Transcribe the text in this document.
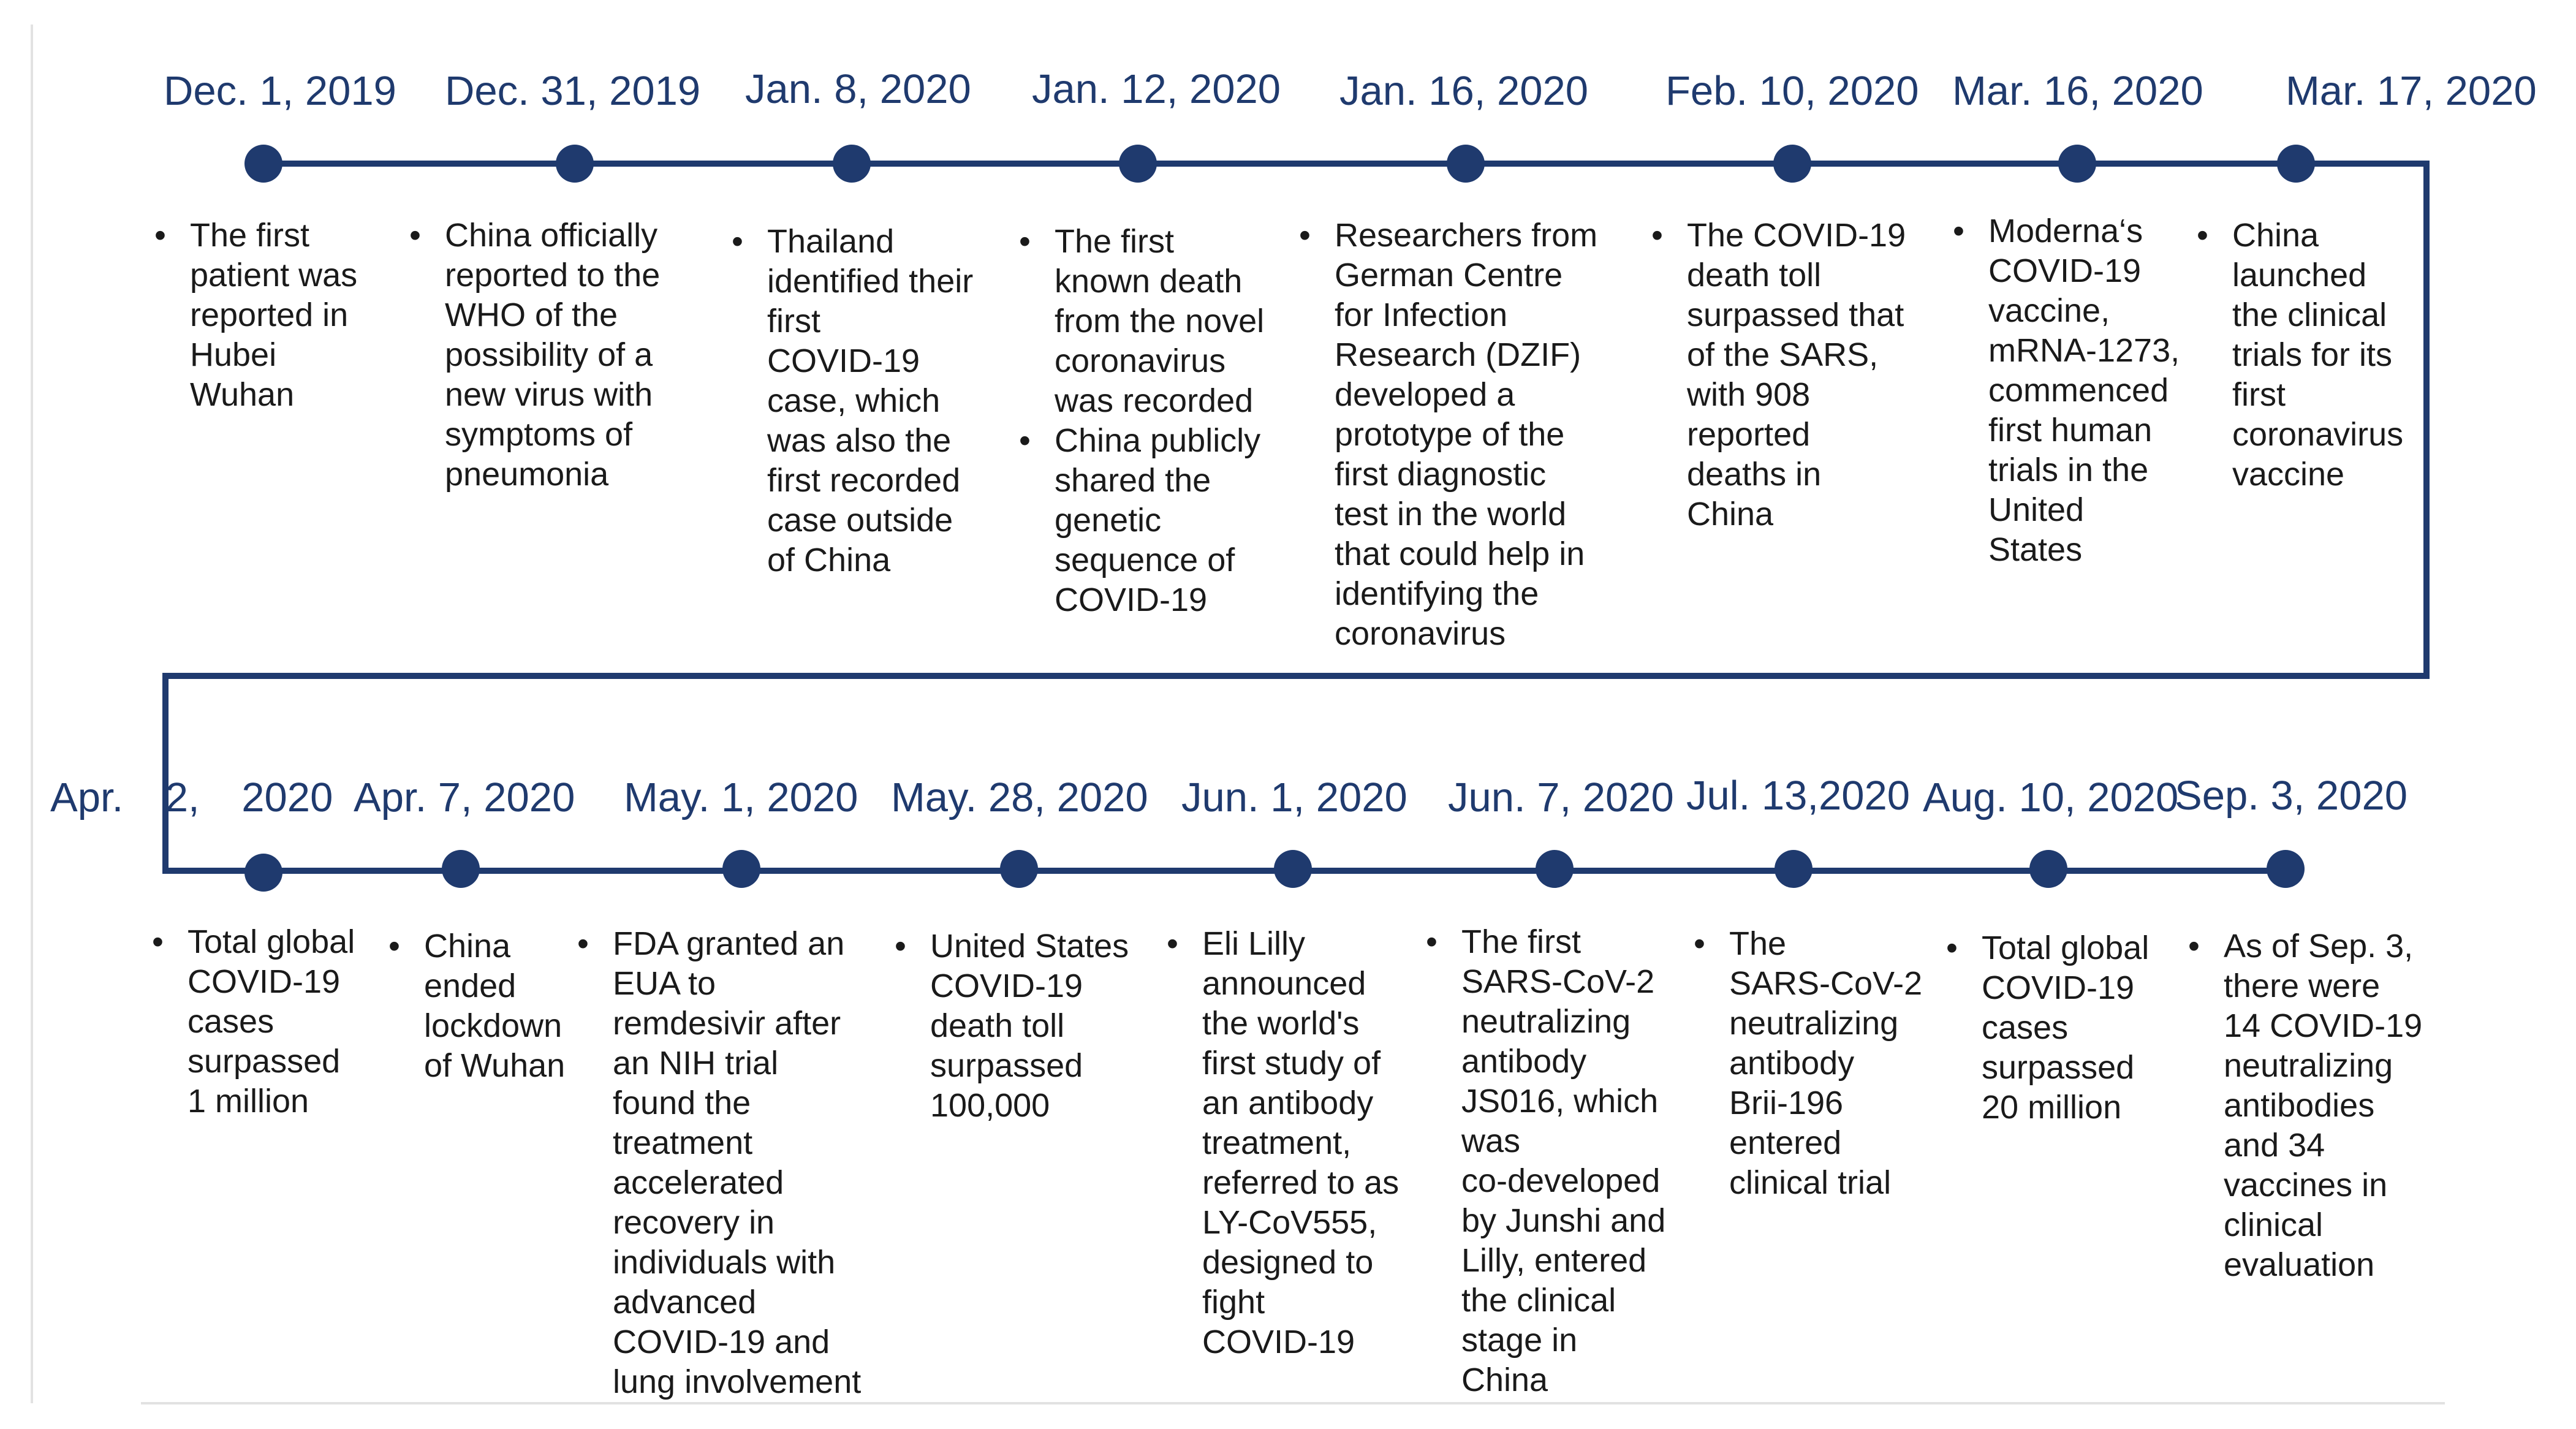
Dec. 1, 2019 Dec. 31, 2019 Jan. 8, 2020 Jan. 12, 2020 Jan. 16, 2020 Feb. 10, 2020 Mar. 16, 2020 Mar. 17, 2020
• The first
patient was
reported in
Hubei
Wuhan
• China officially
reported to the
WHO of the
possibility of a
new virus with
symptoms of
pneumonia
• Thailand
identified their
first
COVID-19
case, which
was also the
first recorded
case outside
of China
• The first
known death
from the novel
coronavirus
was recorded
• China publicly
shared the
genetic
sequence of
COVID-19
• Researchers from
German Centre
for Infection
Research (DZIF)
developed a
prototype of the
first diagnostic
test in the world
that could help in
identifying the
coronavirus
• The COVID-19
death toll
surpassed that
of the SARS,
with 908
reported
deaths in
China
• Moderna‘s
COVID-19
vaccine,
mRNA-1273,
commenced
first human
trials in the
United
States
• China
launched
the clinical
trials for its
first
coronavirus
vaccine
Apr. 2, 2020 Apr. 7, 2020 May. 1, 2020 May. 28, 2020 Jun. 1, 2020 Jun. 7, 2020 Jul. 13,2020 Aug. 10, 2020
Sep. 3, 2020
• Total global
COVID-19
cases
surpassed
1 million
• China
ended
lockdown
of Wuhan
• FDA granted an
EUA to
remdesivir after
an NIH trial
found the
treatment
accelerated
recovery in
individuals with
advanced
COVID-19 and
lung involvement
• United States
COVID-19
death toll
surpassed
100,000
• Eli Lilly
announced
the world's
first study of
an antibody
treatment,
referred to as
LY-CoV555,
designed to
fight
COVID-19
• The first
SARS-CoV-2
neutralizing
antibody
JS016, which
was
co-developed
by Junshi and
Lilly, entered
the clinical
stage in
China
• The
SARS-CoV-2
neutralizing
antibody
Brii-196
entered
clinical trial
• Total global
COVID-19
cases
surpassed
20 million
• As of Sep. 3,
there were
14 COVID-19
neutralizing
antibodies
and 34
vaccines in
clinical
evaluation
